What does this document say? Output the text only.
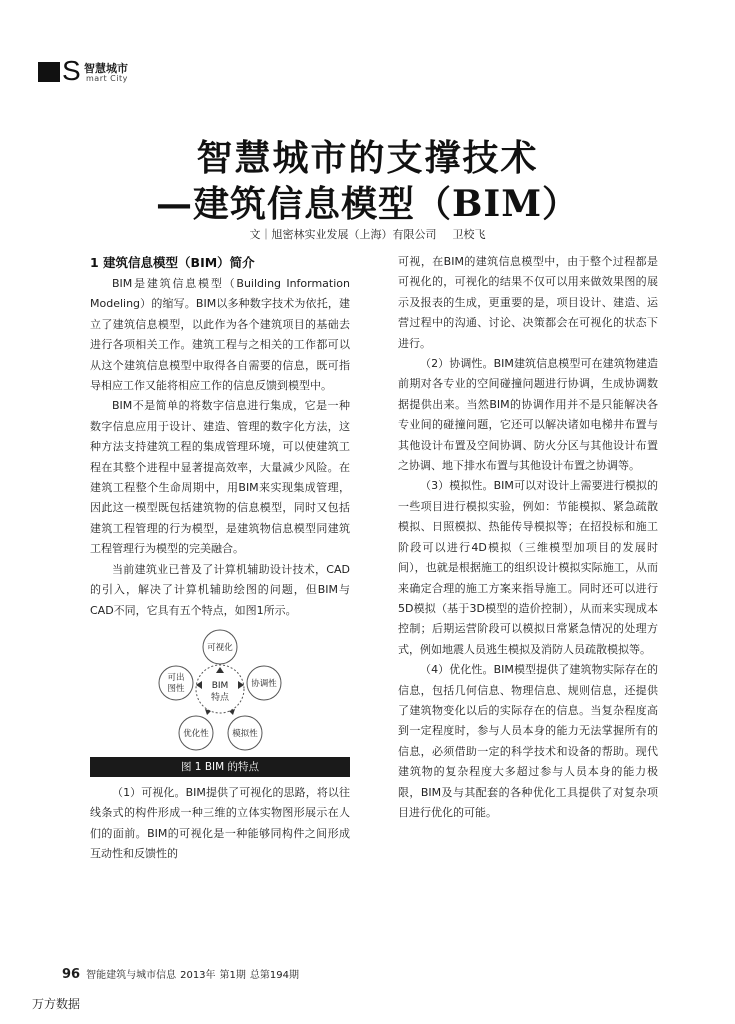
S 智慧城市
mart City
智慧城市的支撑技术
—建筑信息模型（BIM）
文｜旭密林实业发展（上海）有限公司 卫校飞
1 建筑信息模型（BIM）简介

BIM是建筑信息模型（Building Information Modeling）的缩写。BIM以多种数字技术为依托，建立了建筑信息模型，以此作为各个建筑项目的基础去进行各项相关工作。建筑工程与之相关的工作都可以从这个建筑信息模型中取得各自需要的信息，既可指导相应工作又能将相应工作的信息反馈到模型中。

BIM不是简单的将数字信息进行集成，它是一种数字信息应用于设计、建造、管理的数字化方法，这种方法支持建筑工程的集成管理环境，可以使建筑工程在其整个进程中显著提高效率，大量减少风险。在建筑工程整个生命周期中，用BIM来实现集成管理，因此这一模型既包括建筑物的信息模型，同时又包括建筑工程管理的行为模型，是建筑物信息模型同建筑工程管理行为模型的完美融合。

当前建筑业已普及了计算机辅助设计技术，CAD的引入，解决了计算机辅助绘图的问题，但BIM与CAD不同，它具有五个特点，如图1所示。

可视化
可出
图性	协调性
优化性	模拟性
BIM
特点
图 1 BIM 的特点

（1）可视化。BIM提供了可视化的思路，将以往线条式的构件形成一种三维的立体实物图形展示在人们的面前。BIM的可视化是一种能够同构件之间形成互动性和反馈性的

可视，在BIM的建筑信息模型中，由于整个过程都是可视化的，可视化的结果不仅可以用来做效果图的展示及报表的生成，更重要的是，项目设计、建造、运营过程中的沟通、讨论、决策都会在可视化的状态下进行。

（2）协调性。BIM建筑信息模型可在建筑物建造前期对各专业的空间碰撞问题进行协调，生成协调数据提供出来。当然BIM的协调作用并不是只能解决各专业间的碰撞问题，它还可以解决诸如电梯井布置与其他设计布置及空间协调、防火分区与其他设计布置之协调、地下排水布置与其他设计布置之协调等。

（3）模拟性。BIM可以对设计上需要进行模拟的一些项目进行模拟实验，例如：节能模拟、紧急疏散模拟、日照模拟、热能传导模拟等；在招投标和施工阶段可以进行4D模拟（三维模型加项目的发展时间），也就是根据施工的组织设计模拟实际施工，从而来确定合理的施工方案来指导施工。同时还可以进行5D模拟（基于3D模型的造价控制），从而来实现成本控制；后期运营阶段可以模拟日常紧急情况的处理方式，例如地震人员逃生模拟及消防人员疏散模拟等。

（4）优化性。BIM模型提供了建筑物实际存在的信息，包括几何信息、物理信息、规则信息，还提供了建筑物变化以后的实际存在的信息。当复杂程度高到一定程度时，参与人员本身的能力无法掌握所有的信息，必须借助一定的科学技术和设备的帮助。现代建筑物的复杂程度大多超过参与人员本身的能力极限，BIM及与其配套的各种优化工具提供了对复杂项目进行优化的可能。

96 智能建筑与城市信息 2013年 第1期 总第194期
万方数据
